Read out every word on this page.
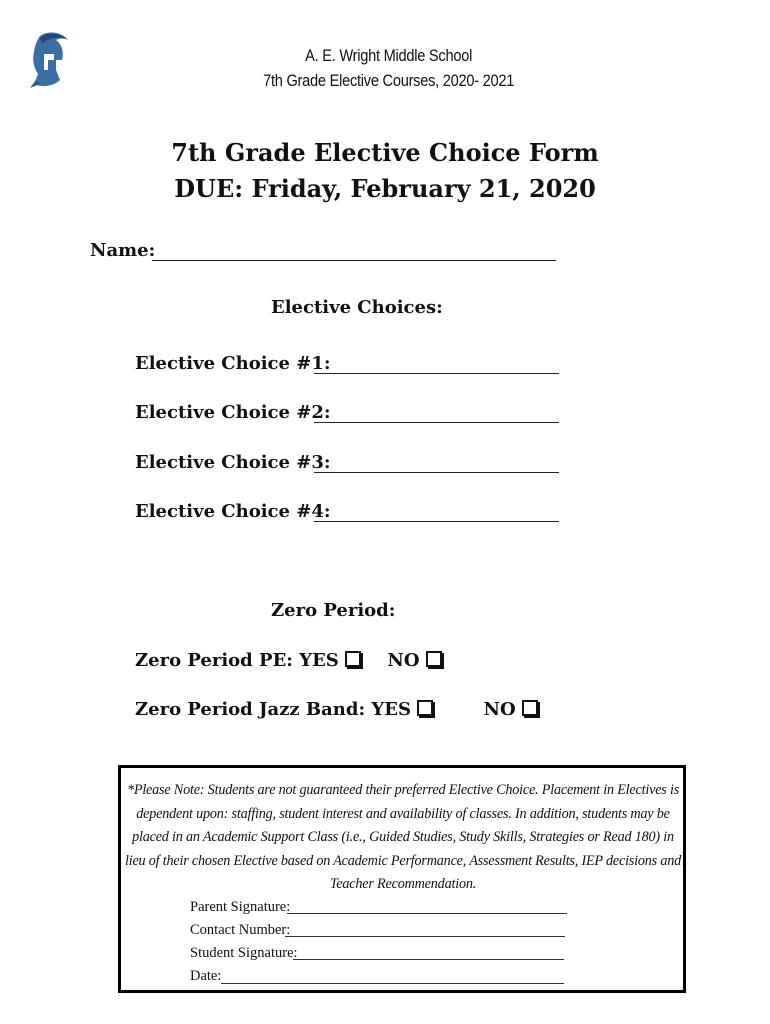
A. E. Wright Middle School
7th Grade Elective Courses, 2020- 2021
7th Grade Elective Choice Form
DUE: Friday, February 21, 2020
Name:
Elective Choices:
Elective Choice #1:
Elective Choice #2:
Elective Choice #3:
Elective Choice #4:
Zero Period:
Zero Period PE: YES	NO
Zero Period Jazz Band: YES	NO
*Please Note: Students are not guaranteed their preferred Elective Choice. Placement in Electives is dependent upon: staffing, student interest and availability of classes. In addition, students may be placed in an Academic Support Class (i.e., Guided Studies, Study Skills, Strategies or Read 180) in lieu of their chosen Elective based on Academic Performance, Assessment Results, IEP decisions and Teacher Recommendation.
Parent Signature:
Contact Number:
Student Signature:
Date:
